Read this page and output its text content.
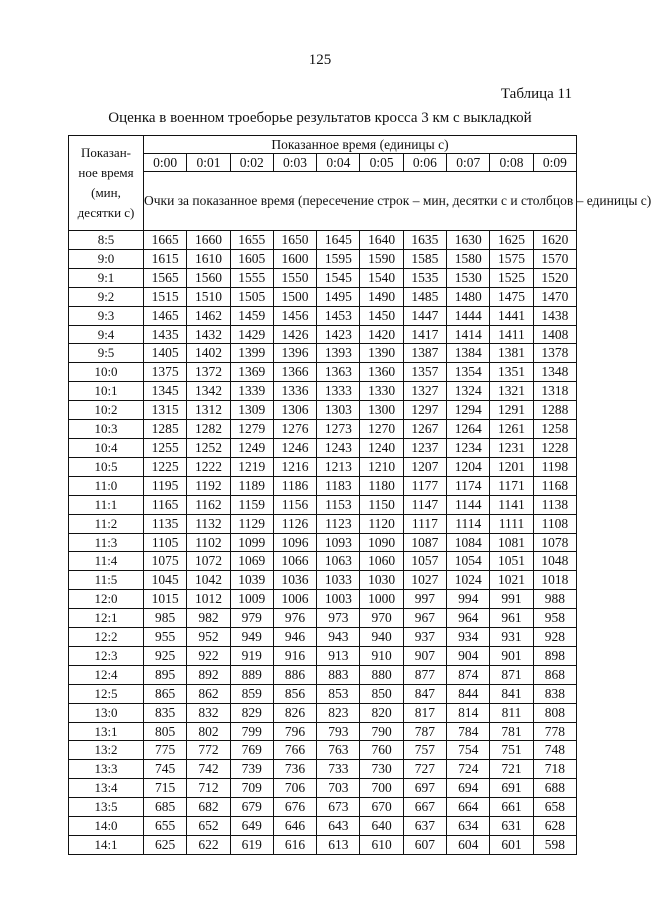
125
Таблица 11
Оценка в военном троеборье результатов кросса 3 км с выкладкой
Показан-
ное время
(мин,
десятки с)	Показанное время (единицы с)									
	0:00	0:01	0:02	0:03	0:04	0:05	0:06	0:07	0:08	0:09
	Очки за показанное время (пересечение строк – мин, десятки с и столбцов – единицы с)									
8:5	1665	1660	1655	1650	1645	1640	1635	1630	1625	1620
9:0	1615	1610	1605	1600	1595	1590	1585	1580	1575	1570
9:1	1565	1560	1555	1550	1545	1540	1535	1530	1525	1520
9:2	1515	1510	1505	1500	1495	1490	1485	1480	1475	1470
9:3	1465	1462	1459	1456	1453	1450	1447	1444	1441	1438
9:4	1435	1432	1429	1426	1423	1420	1417	1414	1411	1408
9:5	1405	1402	1399	1396	1393	1390	1387	1384	1381	1378
10:0	1375	1372	1369	1366	1363	1360	1357	1354	1351	1348
10:1	1345	1342	1339	1336	1333	1330	1327	1324	1321	1318
10:2	1315	1312	1309	1306	1303	1300	1297	1294	1291	1288
10:3	1285	1282	1279	1276	1273	1270	1267	1264	1261	1258
10:4	1255	1252	1249	1246	1243	1240	1237	1234	1231	1228
10:5	1225	1222	1219	1216	1213	1210	1207	1204	1201	1198
11:0	1195	1192	1189	1186	1183	1180	1177	1174	1171	1168
11:1	1165	1162	1159	1156	1153	1150	1147	1144	1141	1138
11:2	1135	1132	1129	1126	1123	1120	1117	1114	1111	1108
11:3	1105	1102	1099	1096	1093	1090	1087	1084	1081	1078
11:4	1075	1072	1069	1066	1063	1060	1057	1054	1051	1048
11:5	1045	1042	1039	1036	1033	1030	1027	1024	1021	1018
12:0	1015	1012	1009	1006	1003	1000	997	994	991	988
12:1	985	982	979	976	973	970	967	964	961	958
12:2	955	952	949	946	943	940	937	934	931	928
12:3	925	922	919	916	913	910	907	904	901	898
12:4	895	892	889	886	883	880	877	874	871	868
12:5	865	862	859	856	853	850	847	844	841	838
13:0	835	832	829	826	823	820	817	814	811	808
13:1	805	802	799	796	793	790	787	784	781	778
13:2	775	772	769	766	763	760	757	754	751	748
13:3	745	742	739	736	733	730	727	724	721	718
13:4	715	712	709	706	703	700	697	694	691	688
13:5	685	682	679	676	673	670	667	664	661	658
14:0	655	652	649	646	643	640	637	634	631	628
14:1	625	622	619	616	613	610	607	604	601	598
